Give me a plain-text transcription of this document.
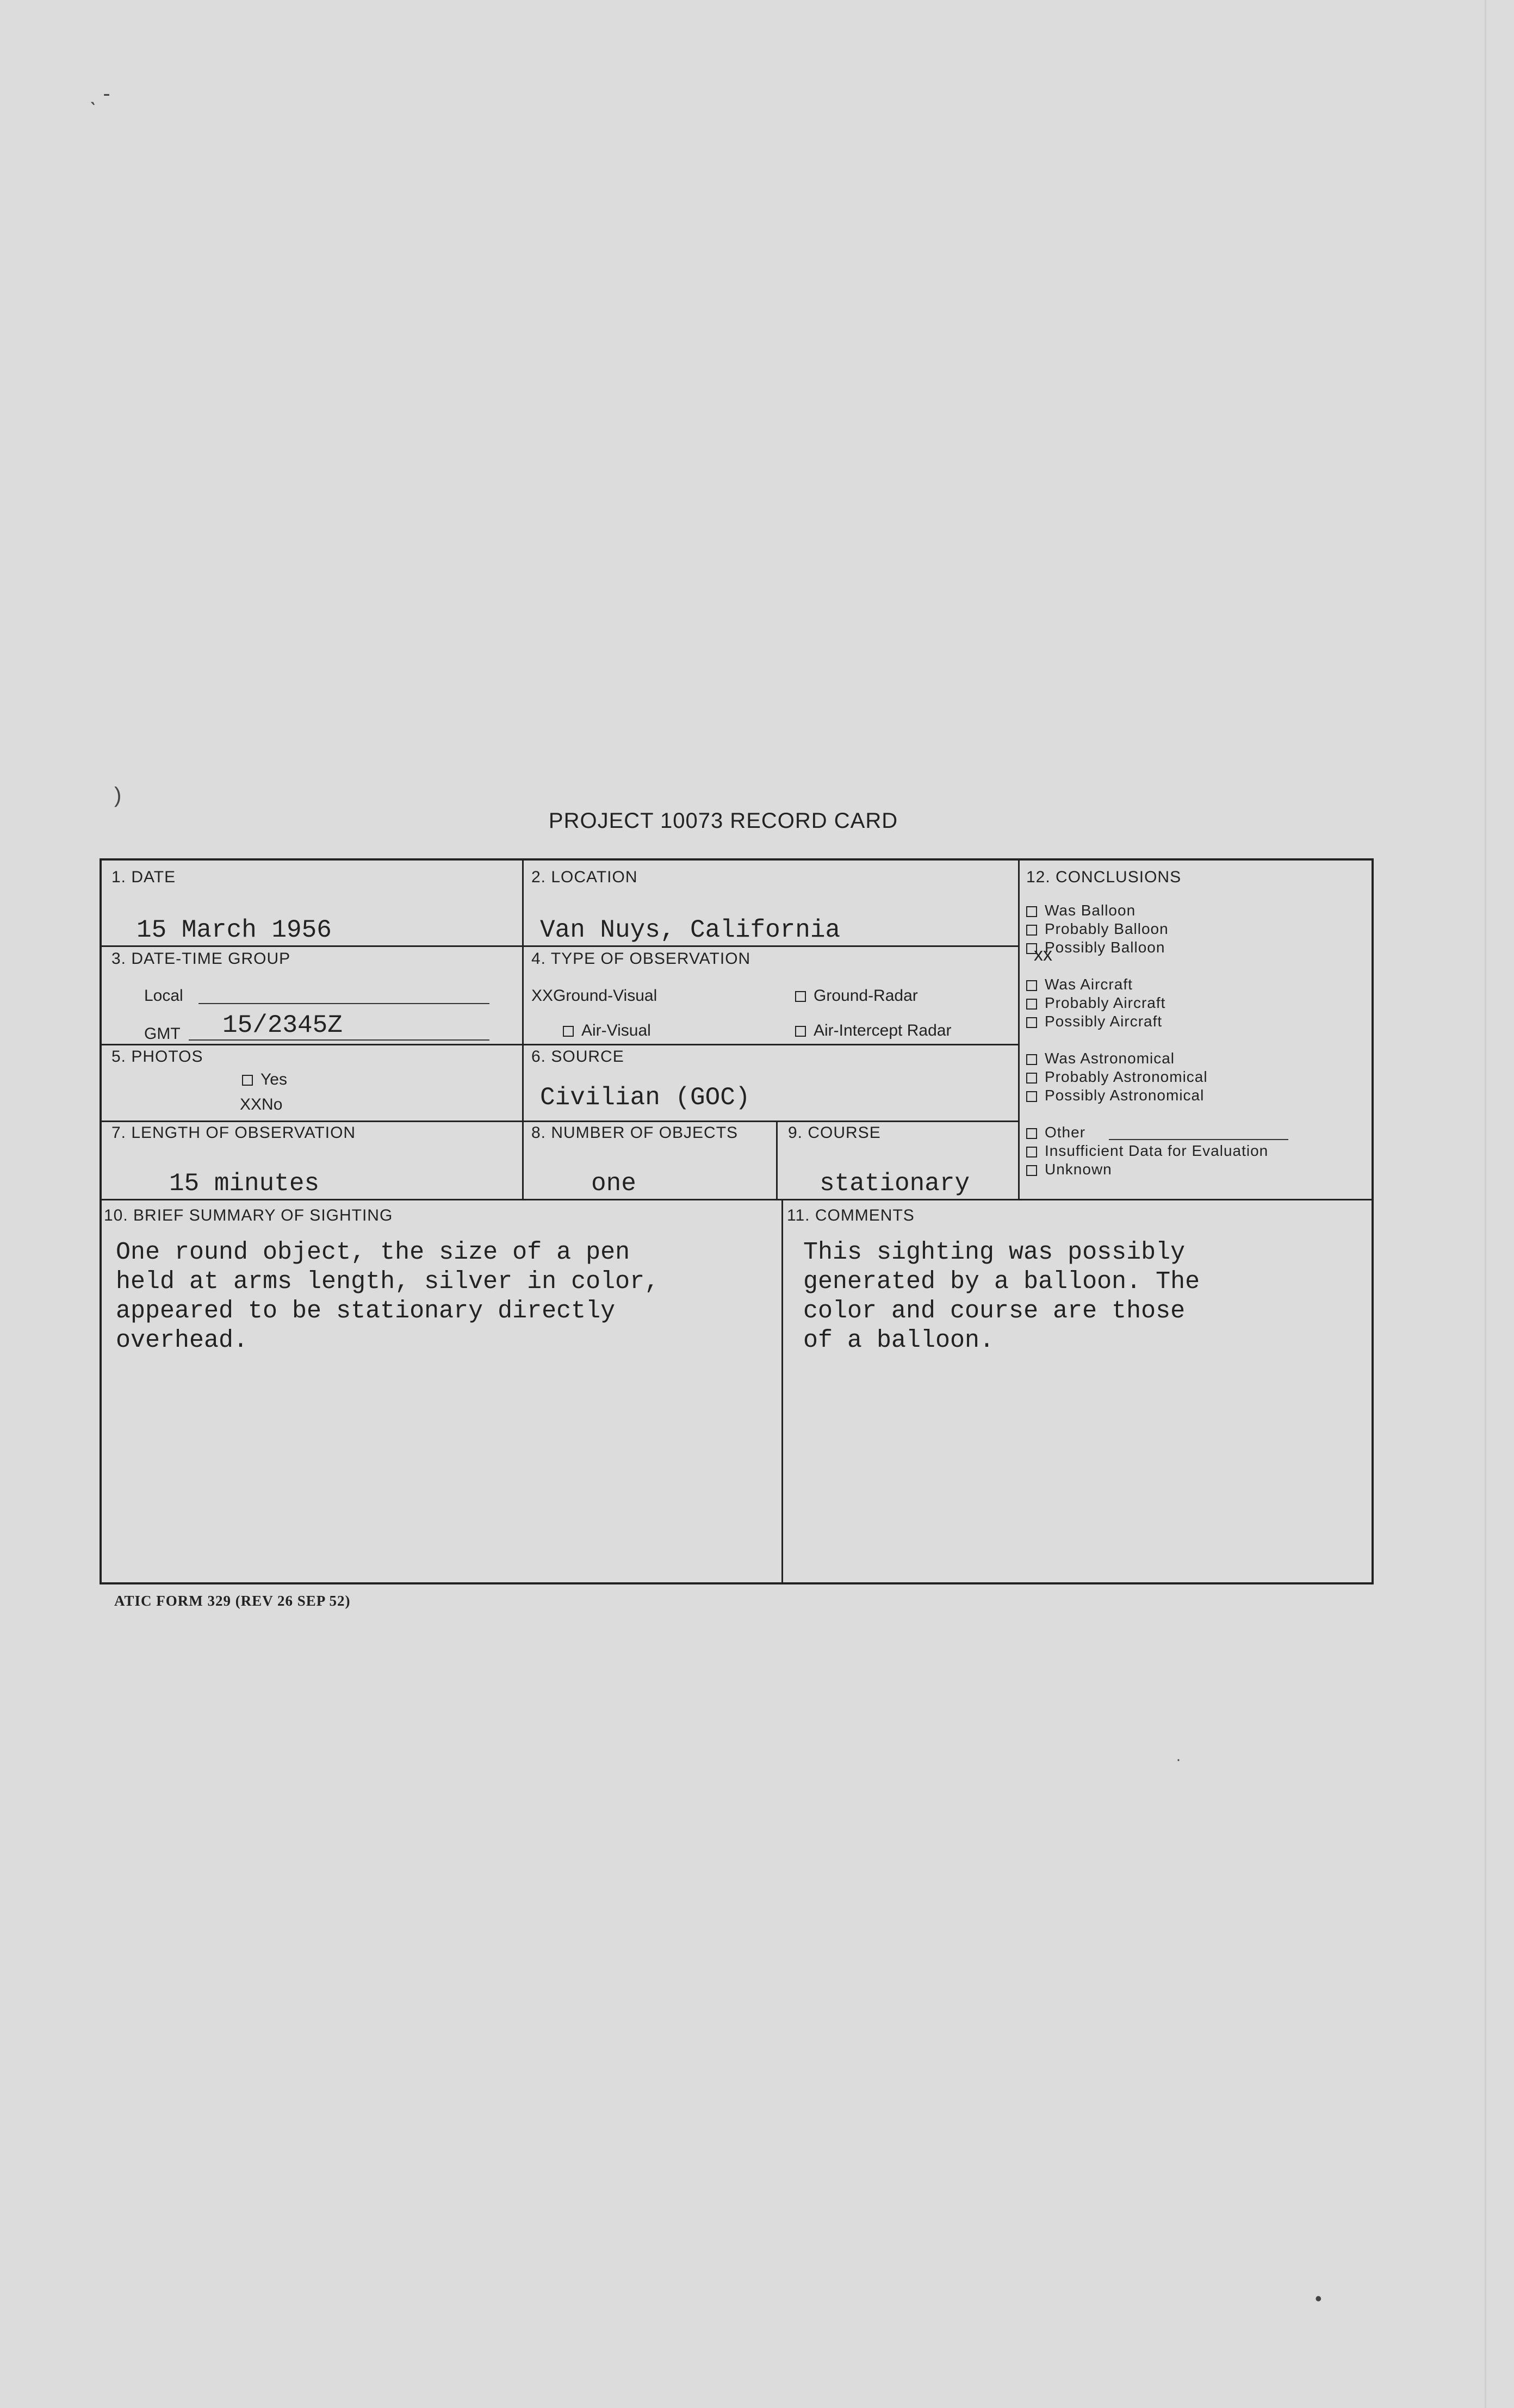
ˎ ‐
)
PROJECT 10073 RECORD CARD
1. DATE
15 March 1956
2. LOCATION
Van Nuys, California
3. DATE-TIME GROUP
Local
GMT 15/2345Z
4. TYPE OF OBSERVATION
XXGround-Visual	Ground-Radar
Air-Visual	Air-Intercept Radar
5. PHOTOS
Yes
XXNo
6. SOURCE
Civilian (GOC)
7. LENGTH OF OBSERVATION
15 minutes
8. NUMBER OF OBJECTS
one
9. COURSE
stationary
10. BRIEF SUMMARY OF SIGHTING
One round object, the size of a pen
held at arms length, silver in color,
appeared to be stationary directly
overhead.
11. COMMENTS
This sighting was possibly
generated by a balloon. The
color and course are those
of a balloon.
12. CONCLUSIONS
Was Balloon
Probably Balloon
Possibly Balloon
xx
Was Aircraft
Probably Aircraft
Possibly Aircraft
Was Astronomical
Probably Astronomical
Possibly Astronomical
Other
Insufficient Data for Evaluation
Unknown
ATIC FORM 329 (REV 26 SEP 52)
·
•
